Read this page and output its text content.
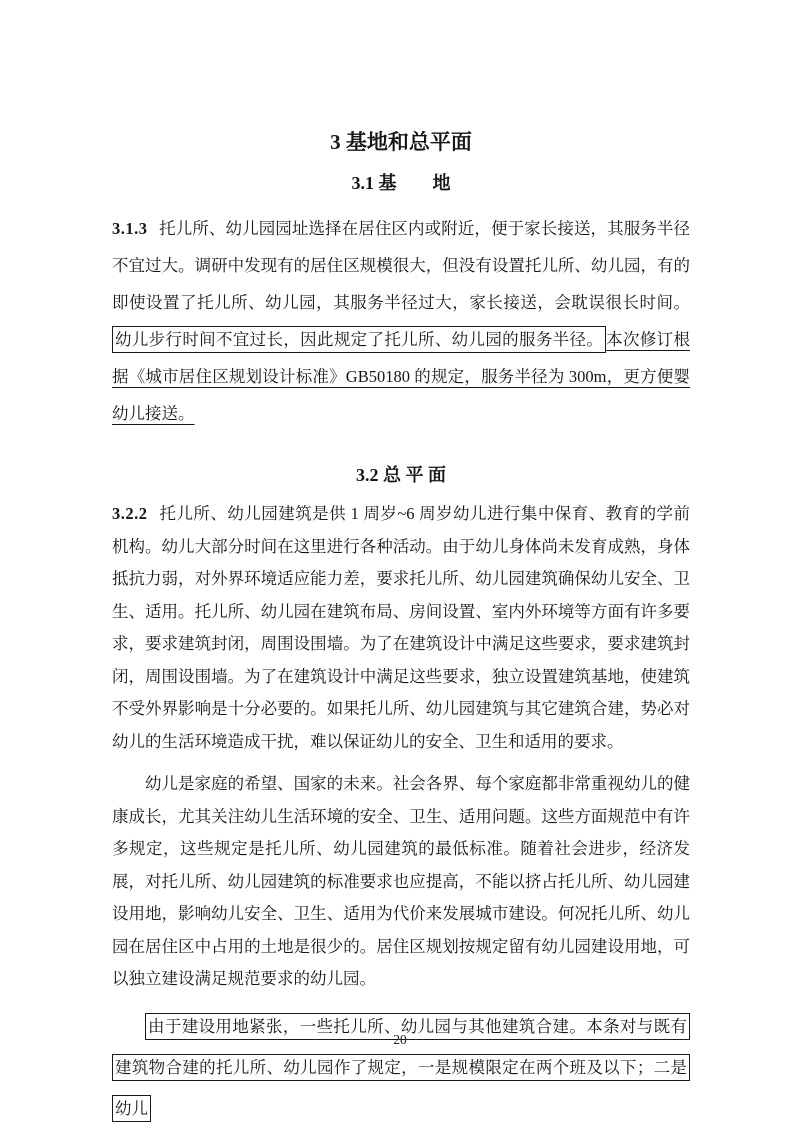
3 基地和总平面
3.1 基　　地

3.1.3 托儿所、幼儿园园址选择在居住区内或附近，便于家长接送，其服务半径不宜过大。调研中发现有的居住区规模很大，但没有设置托儿所、幼儿园，有的即使设置了托儿所、幼儿园，其服务半径过大，家长接送，会耽误很长时间。幼儿步行时间不宜过长，因此规定了托儿所、幼儿园的服务半径。 本次修订根据《城市居住区规划设计标准》GB50180 的规定，服务半径为 300m，更方便婴幼儿接送。

3.2 总 平 面

3.2.2 托儿所、幼儿园建筑是供 1 周岁~6 周岁幼儿进行集中保育、教育的学前机构。幼儿大部分时间在这里进行各种活动。由于幼儿身体尚未发育成熟，身体抵抗力弱，对外界环境适应能力差，要求托儿所、幼儿园建筑确保幼儿安全、卫生、适用。托儿所、幼儿园在建筑布局、房间设置、室内外环境等方面有许多要求，要求建筑封闭，周围设围墙。为了在建筑设计中满足这些要求，要求建筑封闭，周围设围墙。为了在建筑设计中满足这些要求，独立设置建筑基地，使建筑不受外界影响是十分必要的。如果托儿所、幼儿园建筑与其它建筑合建，势必对幼儿的生活环境造成干扰，难以保证幼儿的安全、卫生和适用的要求。

幼儿是家庭的希望、国家的未来。社会各界、每个家庭都非常重视幼儿的健康成长，尤其关注幼儿生活环境的安全、卫生、适用问题。这些方面规范中有许多规定，这些规定是托儿所、幼儿园建筑的最低标准。随着社会进步，经济发展，对托儿所、幼儿园建筑的标准要求也应提高，不能以挤占托儿所、幼儿园建设用地，影响幼儿安全、卫生、适用为代价来发展城市建设。何况托儿所、幼儿园在居住区中占用的土地是很少的。居住区规划按规定留有幼儿园建设用地，可以独立建设满足规范要求的幼儿园。

由于建设用地紧张，一些托儿所、幼儿园与其他建筑合建。本条对与既有建筑物合建的托儿所、幼儿园作了规定，一是规模限定在两个班及以下；二是幼儿

20
